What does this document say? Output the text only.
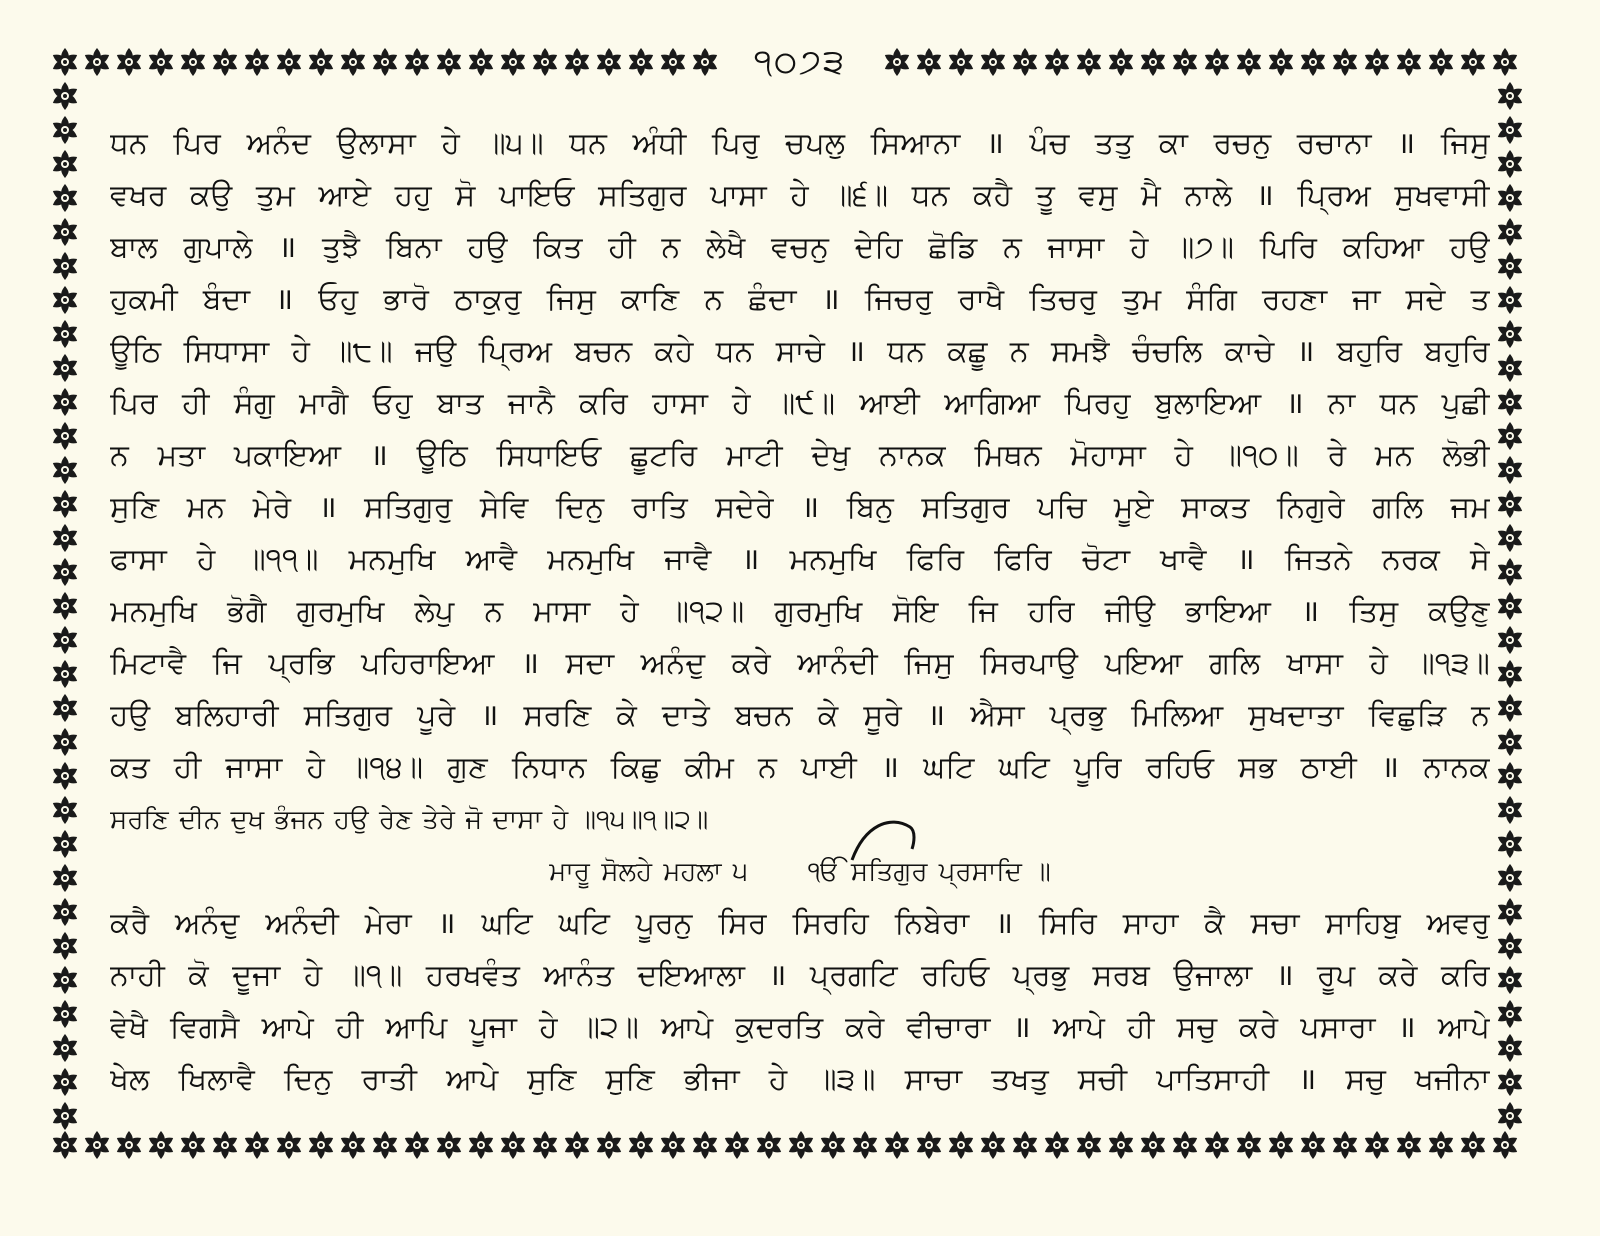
੧੦੭੩
ਧਨ ਪਿਰ ਅਨੰਦ ਉਲਾਸਾ ਹੇ ॥੫॥ ਧਨ ਅੰਧੀ ਪਿਰੁ ਚਪਲੁ ਸਿਆਨਾ ॥ ਪੰਚ ਤਤੁ ਕਾ ਰਚਨੁ ਰਚਾਨਾ ॥ ਜਿਸੁ
ਵਖਰ ਕਉ ਤੁਮ ਆਏ ਹਹੁ ਸੋ ਪਾਇਓ ਸਤਿਗੁਰ ਪਾਸਾ ਹੇ ॥੬॥ ਧਨ ਕਹੈ ਤੂ ਵਸੁ ਮੈ ਨਾਲੇ ॥ ਪ੍ਰਿਅ ਸੁਖਵਾਸੀ
ਬਾਲ ਗੁਪਾਲੇ ॥ ਤੁਝੈ ਬਿਨਾ ਹਉ ਕਿਤ ਹੀ ਨ ਲੇਖੈ ਵਚਨੁ ਦੇਹਿ ਛੋਡਿ ਨ ਜਾਸਾ ਹੇ ॥੭॥ ਪਿਰਿ ਕਹਿਆ ਹਉ
ਹੁਕਮੀ ਬੰਦਾ ॥ ਓਹੁ ਭਾਰੋ ਠਾਕੁਰੁ ਜਿਸੁ ਕਾਣਿ ਨ ਛੰਦਾ ॥ ਜਿਚਰੁ ਰਾਖੈ ਤਿਚਰੁ ਤੁਮ ਸੰਗਿ ਰਹਣਾ ਜਾ ਸਦੇ ਤ
ਊਠਿ ਸਿਧਾਸਾ ਹੇ ॥੮॥ ਜਉ ਪ੍ਰਿਅ ਬਚਨ ਕਹੇ ਧਨ ਸਾਚੇ ॥ ਧਨ ਕਛੂ ਨ ਸਮਝੈ ਚੰਚਲਿ ਕਾਚੇ ॥ ਬਹੁਰਿ ਬਹੁਰਿ
ਪਿਰ ਹੀ ਸੰਗੁ ਮਾਗੈ ਓਹੁ ਬਾਤ ਜਾਨੈ ਕਰਿ ਹਾਸਾ ਹੇ ॥੯॥ ਆਈ ਆਗਿਆ ਪਿਰਹੁ ਬੁਲਾਇਆ ॥ ਨਾ ਧਨ ਪੁਛੀ
ਨ ਮਤਾ ਪਕਾਇਆ ॥ ਊਠਿ ਸਿਧਾਇਓ ਛੂਟਰਿ ਮਾਟੀ ਦੇਖੁ ਨਾਨਕ ਮਿਥਨ ਮੋਹਾਸਾ ਹੇ ॥੧੦॥ ਰੇ ਮਨ ਲੋਭੀ
ਸੁਣਿ ਮਨ ਮੇਰੇ ॥ ਸਤਿਗੁਰੁ ਸੇਵਿ ਦਿਨੁ ਰਾਤਿ ਸਦੇਰੇ ॥ ਬਿਨੁ ਸਤਿਗੁਰ ਪਚਿ ਮੂਏ ਸਾਕਤ ਨਿਗੁਰੇ ਗਲਿ ਜਮ
ਫਾਸਾ ਹੇ ॥੧੧॥ ਮਨਮੁਖਿ ਆਵੈ ਮਨਮੁਖਿ ਜਾਵੈ ॥ ਮਨਮੁਖਿ ਫਿਰਿ ਫਿਰਿ ਚੋਟਾ ਖਾਵੈ ॥ ਜਿਤਨੇ ਨਰਕ ਸੇ
ਮਨਮੁਖਿ ਭੋਗੈ ਗੁਰਮੁਖਿ ਲੇਪੁ ਨ ਮਾਸਾ ਹੇ ॥੧੨॥ ਗੁਰਮੁਖਿ ਸੋਇ ਜਿ ਹਰਿ ਜੀਉ ਭਾਇਆ ॥ ਤਿਸੁ ਕਉਣੁ
ਮਿਟਾਵੈ ਜਿ ਪ੍ਰਭਿ ਪਹਿਰਾਇਆ ॥ ਸਦਾ ਅਨੰਦੁ ਕਰੇ ਆਨੰਦੀ ਜਿਸੁ ਸਿਰਪਾਉ ਪਇਆ ਗਲਿ ਖਾਸਾ ਹੇ ॥੧੩॥
ਹਉ ਬਲਿਹਾਰੀ ਸਤਿਗੁਰ ਪੂਰੇ ॥ ਸਰਣਿ ਕੇ ਦਾਤੇ ਬਚਨ ਕੇ ਸੂਰੇ ॥ ਐਸਾ ਪ੍ਰਭੁ ਮਿਲਿਆ ਸੁਖਦਾਤਾ ਵਿਛੁੜਿ ਨ
ਕਤ ਹੀ ਜਾਸਾ ਹੇ ॥੧੪॥ ਗੁਣ ਨਿਧਾਨ ਕਿਛੁ ਕੀਮ ਨ ਪਾਈ ॥ ਘਟਿ ਘਟਿ ਪੂਰਿ ਰਹਿਓ ਸਭ ਠਾਈ ॥ ਨਾਨਕ
ਸਰਣਿ ਦੀਨ ਦੁਖ ਭੰਜਨ ਹਉ ਰੇਣ ਤੇਰੇ ਜੋ ਦਾਸਾ ਹੇ ॥੧੫॥੧॥੨॥
ਮਾਰੂ ਸੋਲਹੇ ਮਹਲਾ ੫ ੴ ਸਤਿਗੁਰ ਪ੍ਰਸਾਦਿ ॥
ਕਰੈ ਅਨੰਦੁ ਅਨੰਦੀ ਮੇਰਾ ॥ ਘਟਿ ਘਟਿ ਪੂਰਨੁ ਸਿਰ ਸਿਰਹਿ ਨਿਬੇਰਾ ॥ ਸਿਰਿ ਸਾਹਾ ਕੈ ਸਚਾ ਸਾਹਿਬੁ ਅਵਰੁ
ਨਾਹੀ ਕੋ ਦੂਜਾ ਹੇ ॥੧॥ ਹਰਖਵੰਤ ਆਨੰਤ ਦਇਆਲਾ ॥ ਪ੍ਰਗਟਿ ਰਹਿਓ ਪ੍ਰਭੁ ਸਰਬ ਉਜਾਲਾ ॥ ਰੂਪ ਕਰੇ ਕਰਿ
ਵੇਖੈ ਵਿਗਸੈ ਆਪੇ ਹੀ ਆਪਿ ਪੂਜਾ ਹੇ ॥੨॥ ਆਪੇ ਕੁਦਰਤਿ ਕਰੇ ਵੀਚਾਰਾ ॥ ਆਪੇ ਹੀ ਸਚੁ ਕਰੇ ਪਸਾਰਾ ॥ ਆਪੇ
ਖੇਲ ਖਿਲਾਵੈ ਦਿਨੁ ਰਾਤੀ ਆਪੇ ਸੁਣਿ ਸੁਣਿ ਭੀਜਾ ਹੇ ॥੩॥ ਸਾਚਾ ਤਖਤੁ ਸਚੀ ਪਾਤਿਸਾਹੀ ॥ ਸਚੁ ਖਜੀਨਾ
